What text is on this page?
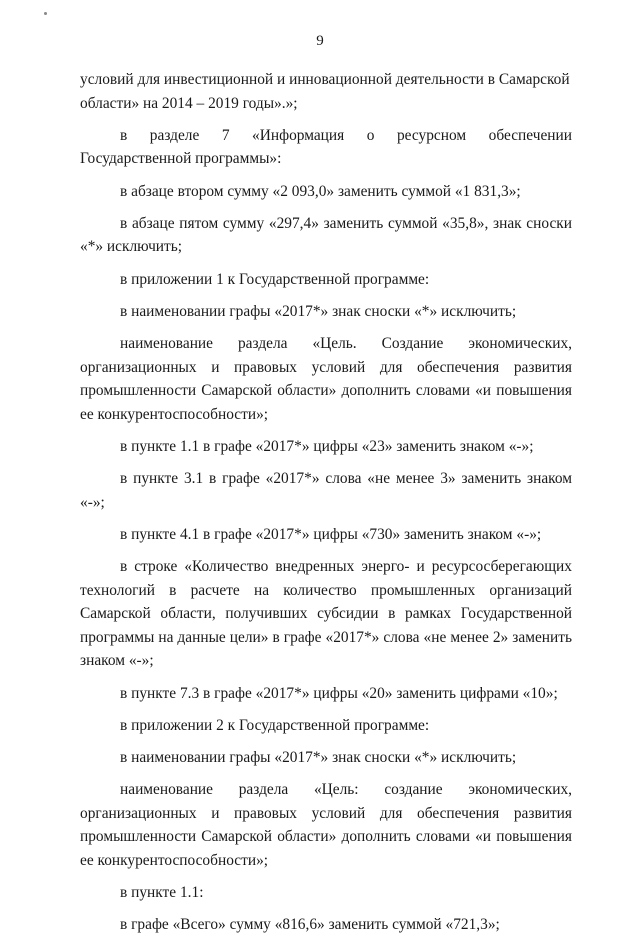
9

условий для инвестиционной и инновационной деятельности в Самарской области» на 2014 – 2019 годы».»;

в разделе 7 «Информация о ресурсном обеспечении Государственной программы»:

в абзаце втором сумму «2 093,0» заменить суммой «1 831,3»;

в абзаце пятом сумму «297,4» заменить суммой «35,8», знак сноски «*» исключить;

в приложении 1 к Государственной программе:

в наименовании графы «2017*» знак сноски «*» исключить;

наименование раздела «Цель. Создание экономических, организационных и правовых условий для обеспечения развития промышленности Самарской области» дополнить словами «и повышения ее конкурентоспособности»;

в пункте 1.1 в графе «2017*» цифры «23» заменить знаком «-»;

в пункте 3.1 в графе «2017*» слова «не менее 3» заменить знаком «-»;

в пункте 4.1 в графе «2017*» цифры «730» заменить знаком «-»;

в строке «Количество внедренных энерго- и ресурсосберегающих технологий в расчете на количество промышленных организаций Самарской области, получивших субсидии в рамках Государственной программы на данные цели» в графе «2017*» слова «не менее 2» заменить знаком «-»;

в пункте 7.3 в графе «2017*» цифры «20» заменить цифрами «10»;

в приложении 2 к Государственной программе:

в наименовании графы «2017*» знак сноски «*» исключить;

наименование раздела «Цель: создание экономических, организационных и правовых условий для обеспечения развития промышленности Самарской области» дополнить словами «и повышения ее конкурентоспособности»;

в пункте 1.1:

в графе «Всего» сумму «816,6» заменить суммой «721,3»;
